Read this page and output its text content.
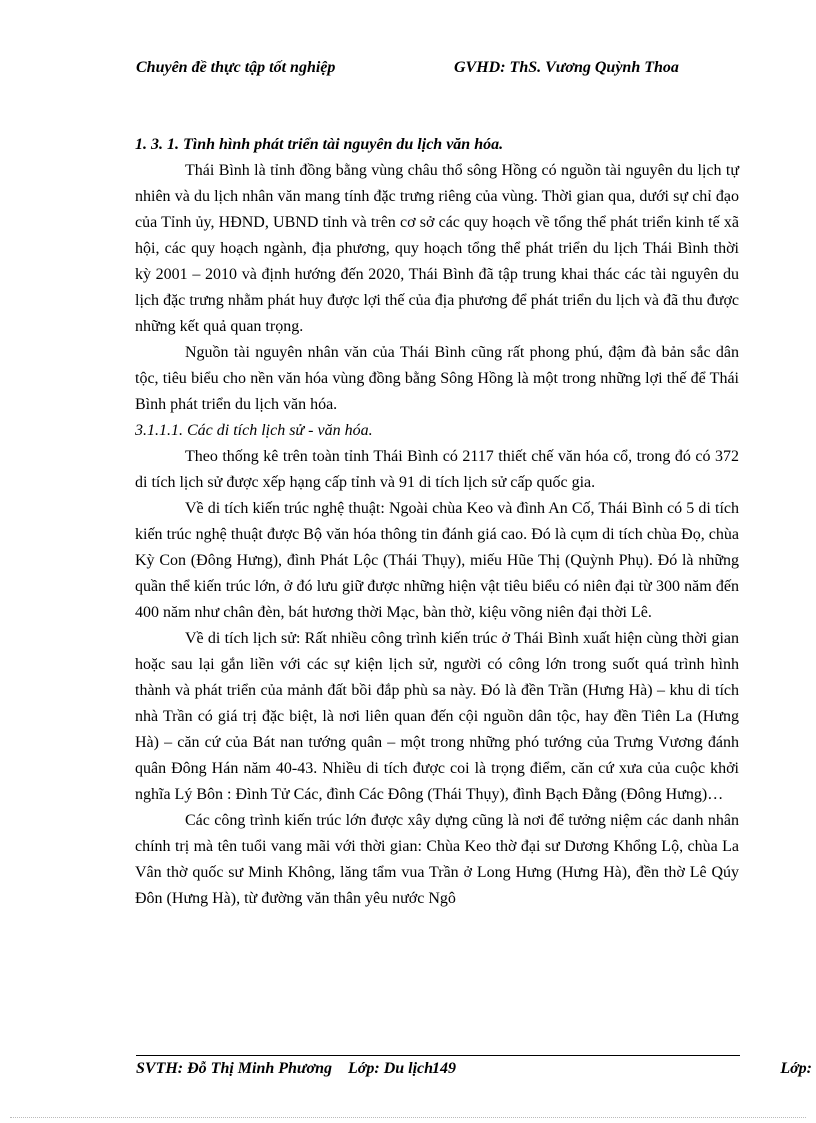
Chuyên đề thực tập tốt nghiệp	GVHD: ThS. Vương Quỳnh Thoa

1. 3. 1. Tình hình phát triển tài nguyên du lịch văn hóa.

Thái Bình là tỉnh đồng bằng vùng châu thổ sông Hồng có nguồn tài nguyên du lịch tự nhiên và du lịch nhân văn mang tính đặc trưng riêng của vùng. Thời gian qua, dưới sự chỉ đạo của Tỉnh ủy, HĐND, UBND tỉnh và trên cơ sở các quy hoạch về tổng thể phát triển kinh tế xã hội, các quy hoạch ngành, địa phương, quy hoạch tổng thể phát triển du lịch Thái Bình thời kỳ 2001 – 2010 và định hướng đến 2020, Thái Bình đã tập trung khai thác các tài nguyên du lịch đặc trưng nhằm phát huy được lợi thế của địa phương để phát triển du lịch và đã thu được những kết quả quan trọng.

Nguồn tài nguyên nhân văn của Thái Bình cũng rất phong phú, đậm đà bản sắc dân tộc, tiêu biểu cho nền văn hóa vùng đồng bằng Sông Hồng là một trong những lợi thế để Thái Bình phát triển du lịch văn hóa.

3.1.1.1. Các di tích lịch sử - văn hóa.

Theo thống kê trên toàn tỉnh Thái Bình có 2117 thiết chế văn hóa cổ, trong đó có 372 di tích lịch sử được xếp hạng cấp tỉnh và 91 di tích lịch sử cấp quốc gia.

Về di tích kiến trúc nghệ thuật: Ngoài chùa Keo và đình An Cố, Thái Bình có 5 di tích kiến trúc nghệ thuật được Bộ văn hóa thông tin đánh giá cao. Đó là cụm di tích chùa Đọ, chùa Kỳ Con (Đông Hưng), đình Phát Lộc (Thái Thụy), miếu Hũe Thị (Quỳnh Phụ). Đó là những quần thể kiến trúc lớn, ở đó lưu giữ được những hiện vật tiêu biểu có niên đại từ 300 năm đến 400 năm như chân đèn, bát hương thời Mạc, bàn thờ, kiệu võng niên đại thời Lê.

Về di tích lịch sử: Rất nhiều công trình kiến trúc ở Thái Bình xuất hiện cùng thời gian hoặc sau lại gắn liền với các sự kiện lịch sử, người có công lớn trong suốt quá trình hình thành và phát triển của mảnh đất bồi đắp phù sa này. Đó là đền Trần (Hưng Hà) – khu di tích nhà Trần có giá trị đặc biệt, là nơi liên quan đến cội nguồn dân tộc, hay đền Tiên La (Hưng Hà) – căn cứ của Bát nan tướng quân – một trong những phó tướng của Trưng Vương đánh quân Đông Hán năm 40-43. Nhiều di tích được coi là trọng điểm, căn cứ xưa của cuộc khởi nghĩa Lý Bôn : Đình Tử Các, đình Các Đông (Thái Thụy), đình Bạch Đằng (Đông Hưng)…

Các công trình kiến trúc lớn được xây dựng cũng là nơi để tưởng niệm các danh nhân chính trị mà tên tuổi vang mãi với thời gian: Chùa Keo thờ đại sư Dương Khổng Lộ, chùa La Vân thờ quốc sư Minh Không, lăng tẩm vua Trần ở Long Hưng (Hưng Hà), đền thờ Lê Qúy Đôn (Hưng Hà), từ đường văn thân yêu nước Ngô

SVTH: Đỗ Thị Minh Phương Lớp: Du lịch
149	Lớp:
